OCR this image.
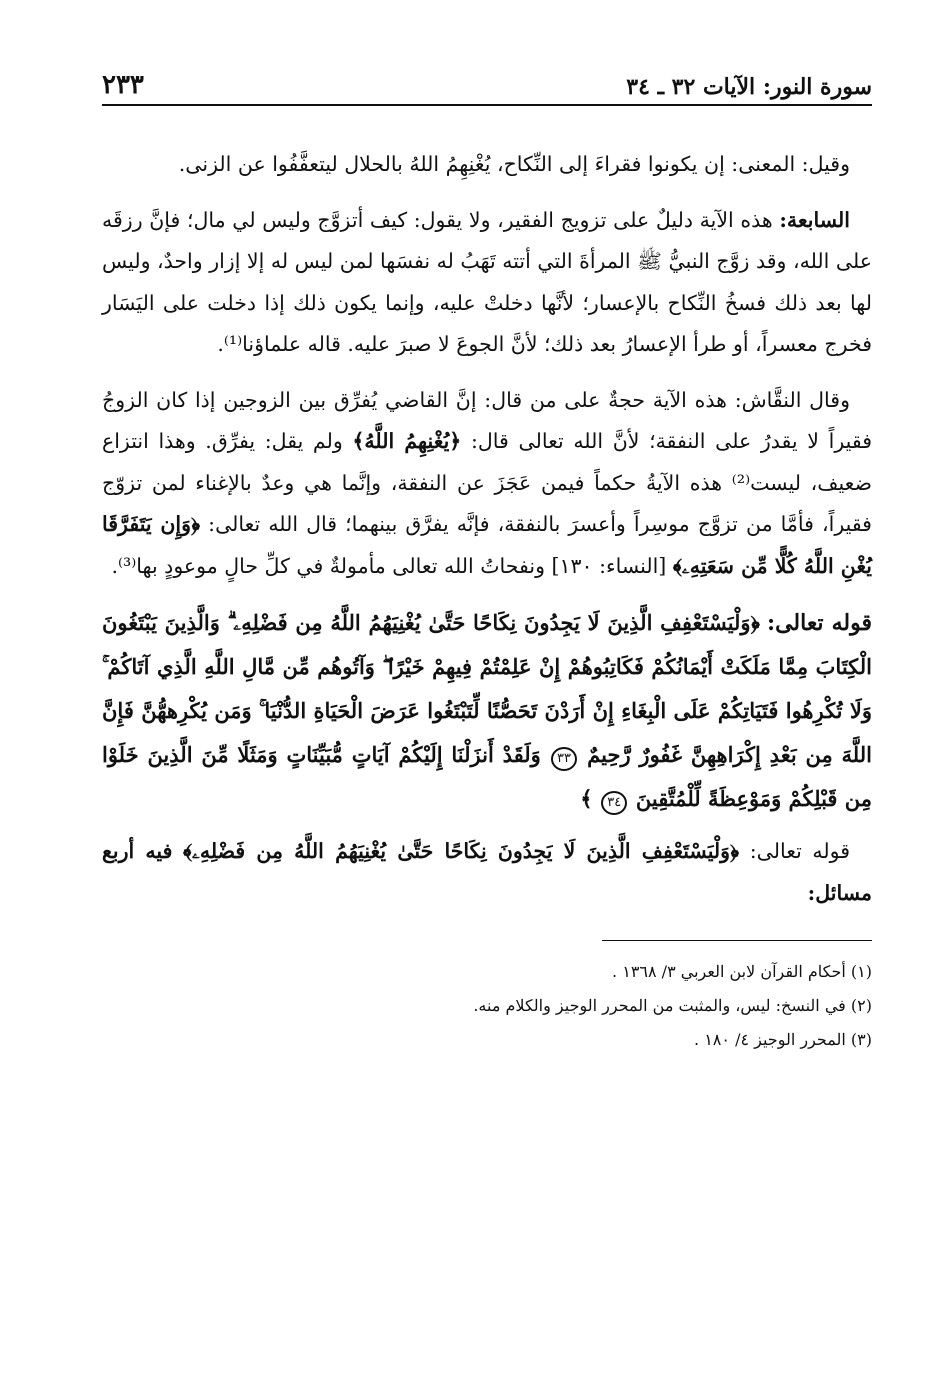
سورة النور: الآيات ٣٢ ـ ٣٤
٢٣٣

وقيل: المعنى: إن يكونوا فقراءَ إلى النِّكاح، يُغْنِهِمُ اللهُ بالحلال ليتعفَّفُوا عن الزنى.

السابعة: هذه الآية دليلٌ على تزويج الفقير، ولا يقول: كيف أتزوَّج وليس لي مال؛ فإنَّ رزقَه على الله، وقد زوَّج النبيُّ ﷺ المرأةَ التي أتته تَهَبُ له نفسَها لمن ليس له إلا إزار واحدٌ، وليس لها بعد ذلك فسخُ النِّكاح بالإعسار؛ لأنَّها دخلتْ عليه، وإنما يكون ذلك إذا دخلت على اليَسَار فخرج معسراً، أو طرأ الإعسارُ بعد ذلك؛ لأنَّ الجوعَ لا صبرَ عليه. قاله علماؤنا⁽¹⁾.

وقال النقَّاش: هذه الآية حجةٌ على من قال: إنَّ القاضي يُفرِّق بين الزوجين إذا كان الزوجُ فقيراً لا يقدرُ على النفقة؛ لأنَّ الله تعالى قال: ﴿يُغْنِهِمُ اللَّهُ﴾ ولم يقل: يفرِّق. وهذا انتزاع ضعيف، ليست⁽²⁾ هذه الآيةُ حكماً فيمن عَجَزَ عن النفقة، وإنَّما هي وعدٌ بالإغناء لمن تزوّج فقيراً، فأمَّا من تزوَّج موسِراً وأعسرَ بالنفقة، فإنَّه يفرَّق بينهما؛ قال الله تعالى: ﴿وَإِن يَتَفَرَّقَا يُغْنِ اللَّهُ كُلًّا مِّن سَعَتِهِۦ﴾ [النساء: ١٣٠] ونفحاتُ الله تعالى مأمولةٌ في كلِّ حالٍ موعودٍ بها⁽³⁾.

قوله تعالى: ﴿وَلْيَسْتَعْفِفِ الَّذِينَ لَا يَجِدُونَ نِكَاحًا حَتَّىٰ يُغْنِيَهُمُ اللَّهُ مِن فَضْلِهِۦ ۗ وَالَّذِينَ يَبْتَغُونَ الْكِتَابَ مِمَّا مَلَكَتْ أَيْمَانُكُمْ فَكَاتِبُوهُمْ إِنْ عَلِمْتُمْ فِيهِمْ خَيْرًا ۖ وَآتُوهُم مِّن مَّالِ اللَّهِ الَّذِي آتَاكُمْ ۚ وَلَا تُكْرِهُوا فَتَيَاتِكُمْ عَلَى الْبِغَاءِ إِنْ أَرَدْنَ تَحَصُّنًا لِّتَبْتَغُوا عَرَضَ الْحَيَاةِ الدُّنْيَا ۚ وَمَن يُكْرِههُّنَّ فَإِنَّ اللَّهَ مِن بَعْدِ إِكْرَاهِهِنَّ غَفُورٌ رَّحِيمٌ ٣٣ وَلَقَدْ أَنزَلْنَا إِلَيْكُمْ آيَاتٍ مُّبَيِّنَاتٍ وَمَثَلًا مِّنَ الَّذِينَ خَلَوْا مِن قَبْلِكُمْ وَمَوْعِظَةً لِّلْمُتَّقِينَ ٣٤ ﴾

قوله تعالى: ﴿وَلْيَسْتَعْفِفِ الَّذِينَ لَا يَجِدُونَ نِكَاحًا حَتَّىٰ يُغْنِيَهُمُ اللَّهُ مِن فَضْلِهِۦ﴾ فيه أربع مسائل:

(١) أحكام القرآن لابن العربي ٣/ ١٣٦٨ .
(٢) في النسخ: ليس، والمثبت من المحرر الوجيز والكلام منه.
(٣) المحرر الوجيز ٤/ ١٨٠ .
